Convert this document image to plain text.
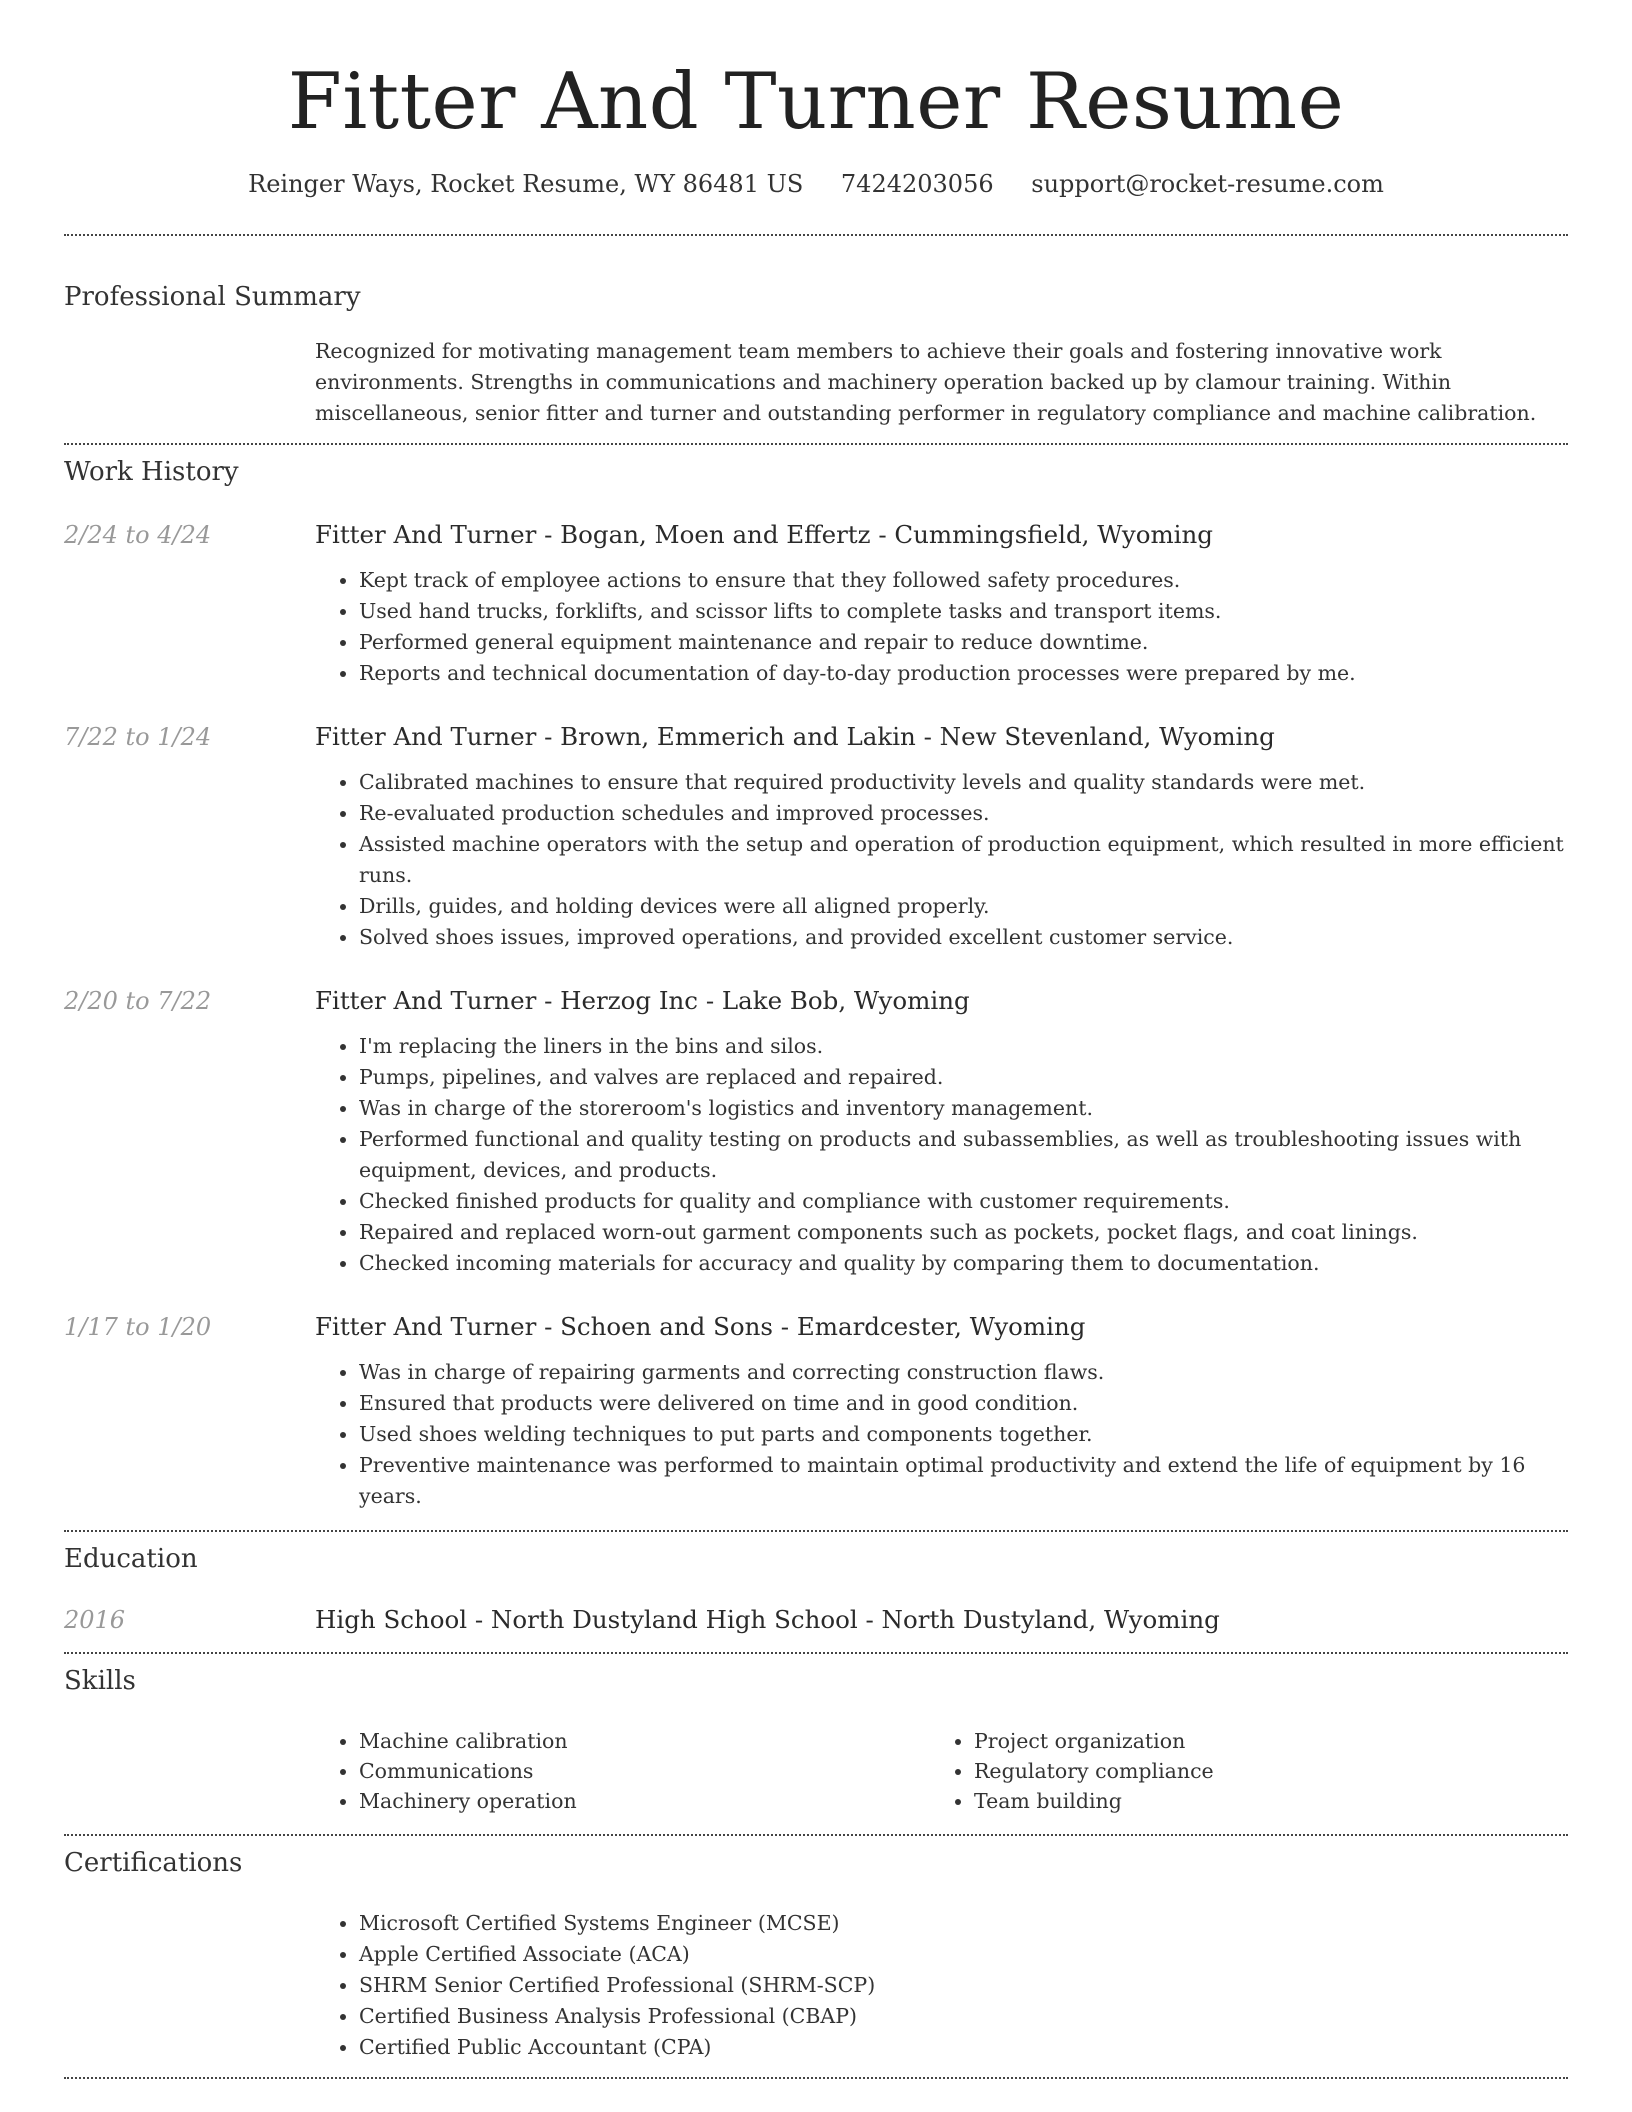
Fitter And Turner Resume
Reinger Ways, Rocket Resume, WY 86481 US 7424203056 support@rocket-resume.com
Professional Summary

Recognized for motivating management team members to achieve their goals and fostering innovative work environments. Strengths in communications and machinery operation backed up by clamour training. Within miscellaneous, senior fitter and turner and outstanding performer in regulatory compliance and machine calibration.

Work History
2/24 to 4/24	Fitter And Turner - Bogan, Moen and Effertz - Cummingsfield, Wyoming
• Kept track of employee actions to ensure that they followed safety procedures.
• Used hand trucks, forklifts, and scissor lifts to complete tasks and transport items.
• Performed general equipment maintenance and repair to reduce downtime.
• Reports and technical documentation of day-to-day production processes were prepared by me.
7/22 to 1/24	Fitter And Turner - Brown, Emmerich and Lakin - New Stevenland, Wyoming
• Calibrated machines to ensure that required productivity levels and quality standards were met.
• Re-evaluated production schedules and improved processes.
• Assisted machine operators with the setup and operation of production equipment, which resulted in more efficient runs.
• Drills, guides, and holding devices were all aligned properly.
• Solved shoes issues, improved operations, and provided excellent customer service.
2/20 to 7/22	Fitter And Turner - Herzog Inc - Lake Bob, Wyoming
• I'm replacing the liners in the bins and silos.
• Pumps, pipelines, and valves are replaced and repaired.
• Was in charge of the storeroom's logistics and inventory management.
• Performed functional and quality testing on products and subassemblies, as well as troubleshooting issues with equipment, devices, and products.
• Checked finished products for quality and compliance with customer requirements.
• Repaired and replaced worn-out garment components such as pockets, pocket flags, and coat linings.
• Checked incoming materials for accuracy and quality by comparing them to documentation.
1/17 to 1/20	Fitter And Turner - Schoen and Sons - Emardcester, Wyoming
• Was in charge of repairing garments and correcting construction flaws.
• Ensured that products were delivered on time and in good condition.
• Used shoes welding techniques to put parts and components together.
• Preventive maintenance was performed to maintain optimal productivity and extend the life of equipment by 16 years.
Education
2016	High School - North Dustyland High School - North Dustyland, Wyoming
Skills
• Machine calibration
• Communications
• Machinery operation
• Project organization
• Regulatory compliance
• Team building
Certifications
• Microsoft Certified Systems Engineer (MCSE)
• Apple Certified Associate (ACA)
• SHRM Senior Certified Professional (SHRM-SCP)
• Certified Business Analysis Professional (CBAP)
• Certified Public Accountant (CPA)
